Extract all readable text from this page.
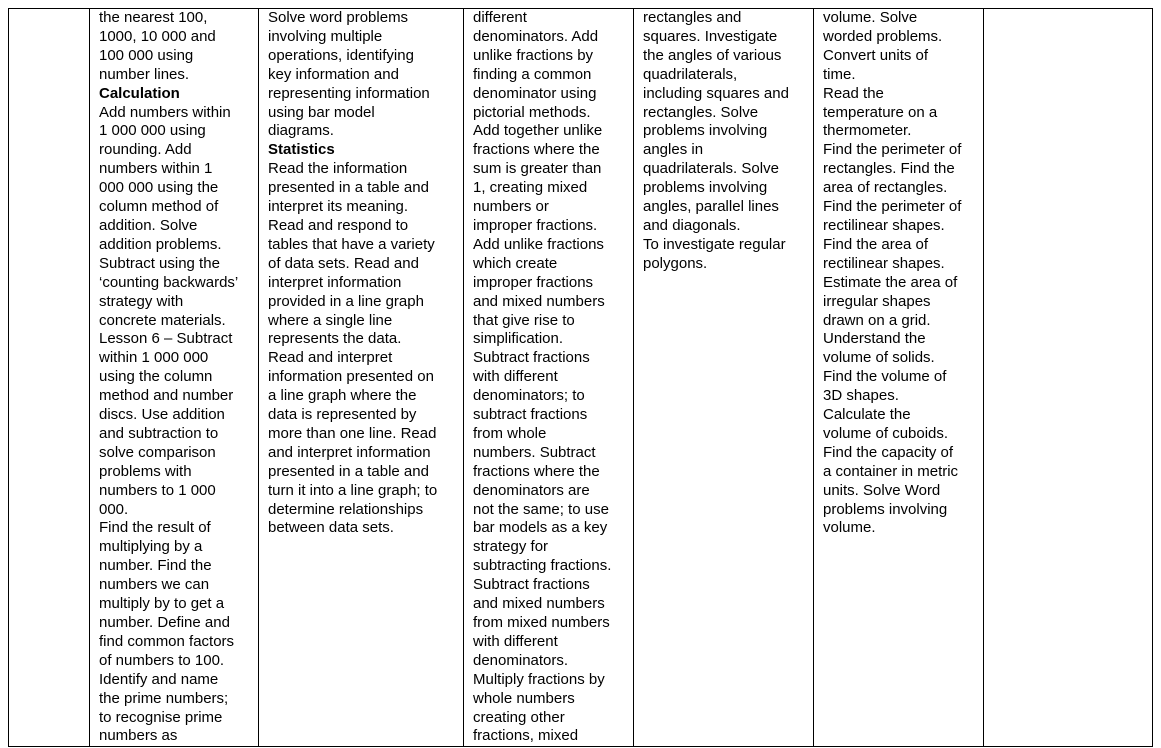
the nearest 100,
1000, 10 000 and
100 000 using
number lines.
Calculation
Add numbers within
1 000 000 using
rounding. Add
numbers within 1
000 000 using the
column method of
addition. Solve
addition problems.
Subtract using the
‘counting backwards’
strategy with
concrete materials.
Lesson 6 – Subtract
within 1 000 000
using the column
method and number
discs. Use addition
and subtraction to
solve comparison
problems with
numbers to 1 000
000.
Find the result of
multiplying by a
number. Find the
numbers we can
multiply by to get a
number. Define and
find common factors
of numbers to 100.
Identify and name
the prime numbers;
to recognise prime
numbers as

Solve word problems
involving multiple
operations, identifying
key information and
representing information
using bar model
diagrams.
Statistics
Read the information
presented in a table and
interpret its meaning.
Read and respond to
tables that have a variety
of data sets. Read and
interpret information
provided in a line graph
where a single line
represents the data.
Read and interpret
information presented on
a line graph where the
data is represented by
more than one line. Read
and interpret information
presented in a table and
turn it into a line graph; to
determine relationships
between data sets.

different
denominators. Add
unlike fractions by
finding a common
denominator using
pictorial methods.
Add together unlike
fractions where the
sum is greater than
1, creating mixed
numbers or
improper fractions.
Add unlike fractions
which create
improper fractions
and mixed numbers
that give rise to
simplification.
Subtract fractions
with different
denominators; to
subtract fractions
from whole
numbers. Subtract
fractions where the
denominators are
not the same; to use
bar models as a key
strategy for
subtracting fractions.
Subtract fractions
and mixed numbers
from mixed numbers
with different
denominators.
Multiply fractions by
whole numbers
creating other
fractions, mixed

rectangles and
squares. Investigate
the angles of various
quadrilaterals,
including squares and
rectangles. Solve
problems involving
angles in
quadrilaterals. Solve
problems involving
angles, parallel lines
and diagonals.
To investigate regular
polygons.

volume. Solve
worded problems.
Convert units of
time.
Read the
temperature on a
thermometer.
Find the perimeter of
rectangles. Find the
area of rectangles.
Find the perimeter of
rectilinear shapes.
Find the area of
rectilinear shapes.
Estimate the area of
irregular shapes
drawn on a grid.
Understand the
volume of solids.
Find the volume of
3D shapes.
Calculate the
volume of cuboids.
Find the capacity of
a container in metric
units. Solve Word
problems involving
volume.
